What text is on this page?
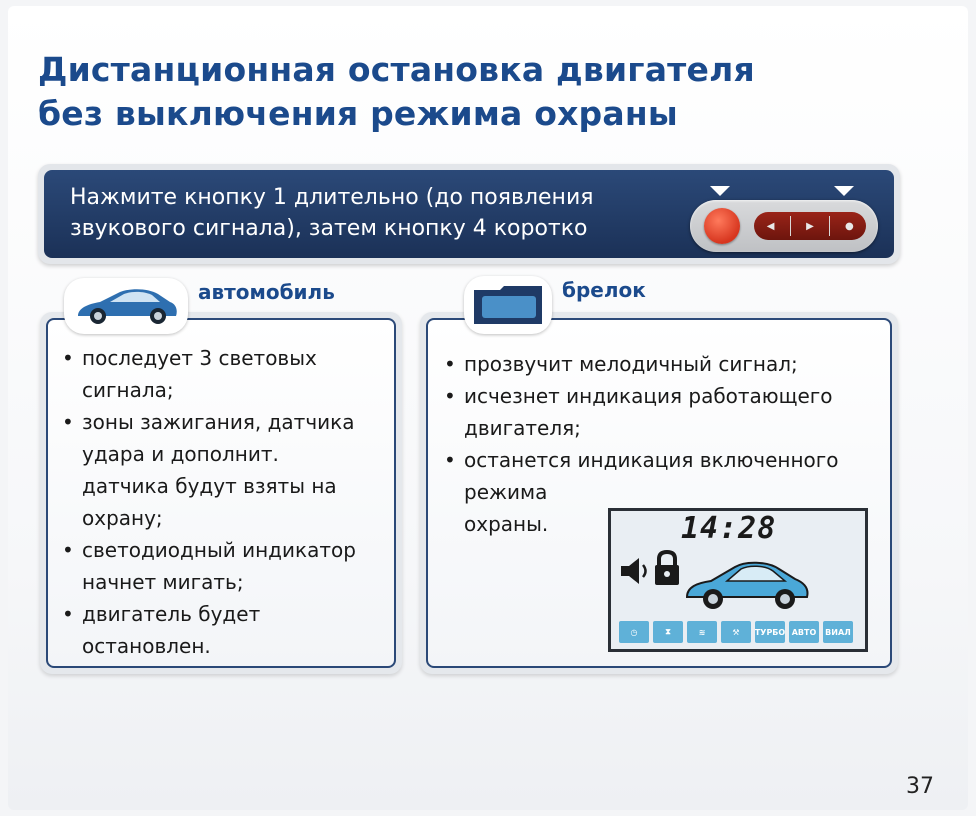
Дистанционная остановка двигателя
без выключения режима охраны
Нажмите кнопку 1 длительно (до появления
звукового сигнала), затем кнопку 4 коротко	◀	▶	●
автомобиль
• последует 3 световых
сигнала;
• зоны зажигания, датчика
удара и дополнит.
датчика будут взяты на
охрану;
• светодиодный индикатор
начнет мигать;
• двигатель будет
остановлен.
брелок
• прозвучит мелодичный сигнал;
• исчезнет индикация работающего
двигателя;
• останется индикация включенного
режима
охраны.	14:28
◷	⧗	≋	⚒	TУPБO ABTO	ВИАЛ
37
